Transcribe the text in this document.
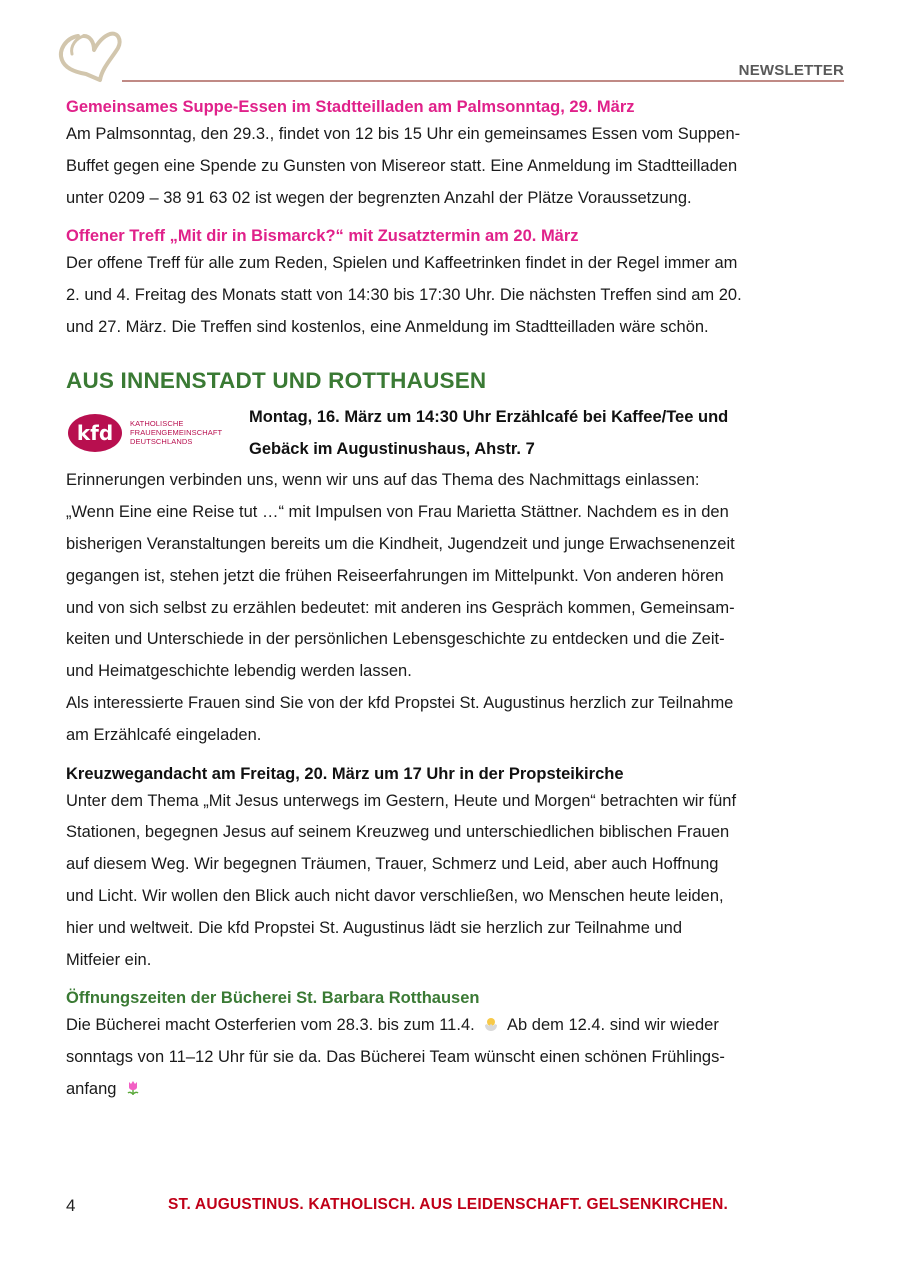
NEWSLETTER
Gemeinsames Suppe-Essen im Stadtteilladen am Palmsonntag, 29. März

Am Palmsonntag, den 29.3., findet von 12 bis 15 Uhr ein gemeinsames Essen vom Suppen-

Buffet gegen eine Spende zu Gunsten von Misereor statt. Eine Anmeldung im Stadtteilladen

unter 0209 – 38 91 63 02 ist wegen der begrenzten Anzahl der Plätze Voraussetzung.

Offener Treff „Mit dir in Bismarck?“ mit Zusatztermin am 20. März

Der offene Treff für alle zum Reden, Spielen und Kaffeetrinken findet in der Regel immer am

2. und 4. Freitag des Monats statt von 14:30 bis 17:30 Uhr. Die nächsten Treffen sind am 20.

und 27. März. Die Treffen sind kostenlos, eine Anmeldung im Stadtteilladen wäre schön.

AUS INNENSTADT UND ROTTHAUSEN
kfd	KATHOLISCHE
FRAUENGEMEINSCHAFT
DEUTSCHLANDS
Montag, 16. März um 14:30 Uhr Erzählcafé bei Kaffee/Tee und
Gebäck im Augustinushaus, Ahstr. 7

Erinnerungen verbinden uns, wenn wir uns auf das Thema des Nachmittags einlassen:

„Wenn Eine eine Reise tut …“ mit Impulsen von Frau Marietta Stättner. Nachdem es in den

bisherigen Veranstaltungen bereits um die Kindheit, Jugendzeit und junge Erwachsenenzeit

gegangen ist, stehen jetzt die frühen Reiseerfahrungen im Mittelpunkt. Von anderen hören

und von sich selbst zu erzählen bedeutet: mit anderen ins Gespräch kommen, Gemeinsam-

keiten und Unterschiede in der persönlichen Lebensgeschichte zu entdecken und die Zeit-

und Heimatgeschichte lebendig werden lassen.

Als interessierte Frauen sind Sie von der kfd Propstei St. Augustinus herzlich zur Teilnahme

am Erzählcafé eingeladen.

Kreuzwegandacht am Freitag, 20. März um 17 Uhr in der Propsteikirche

Unter dem Thema „Mit Jesus unterwegs im Gestern, Heute und Morgen“ betrachten wir fünf

Stationen, begegnen Jesus auf seinem Kreuzweg und unterschiedlichen biblischen Frauen

auf diesem Weg. Wir begegnen Träumen, Trauer, Schmerz und Leid, aber auch Hoffnung

und Licht. Wir wollen den Blick auch nicht davor verschließen, wo Menschen heute leiden,

hier und weltweit. Die kfd Propstei St. Augustinus lädt sie herzlich zur Teilnahme und

Mitfeier ein.

Öffnungszeiten der Bücherei St. Barbara Rotthausen

Die Bücherei macht Osterferien vom 28.3. bis zum 11.4. Ab dem 12.4. sind wir wieder

sonntags von 11–12 Uhr für sie da. Das Bücherei Team wünscht einen schönen Frühlings-

anfang

4	ST. AUGUSTINUS. KATHOLISCH. AUS LEIDENSCHAFT. GELSENKIRCHEN.
